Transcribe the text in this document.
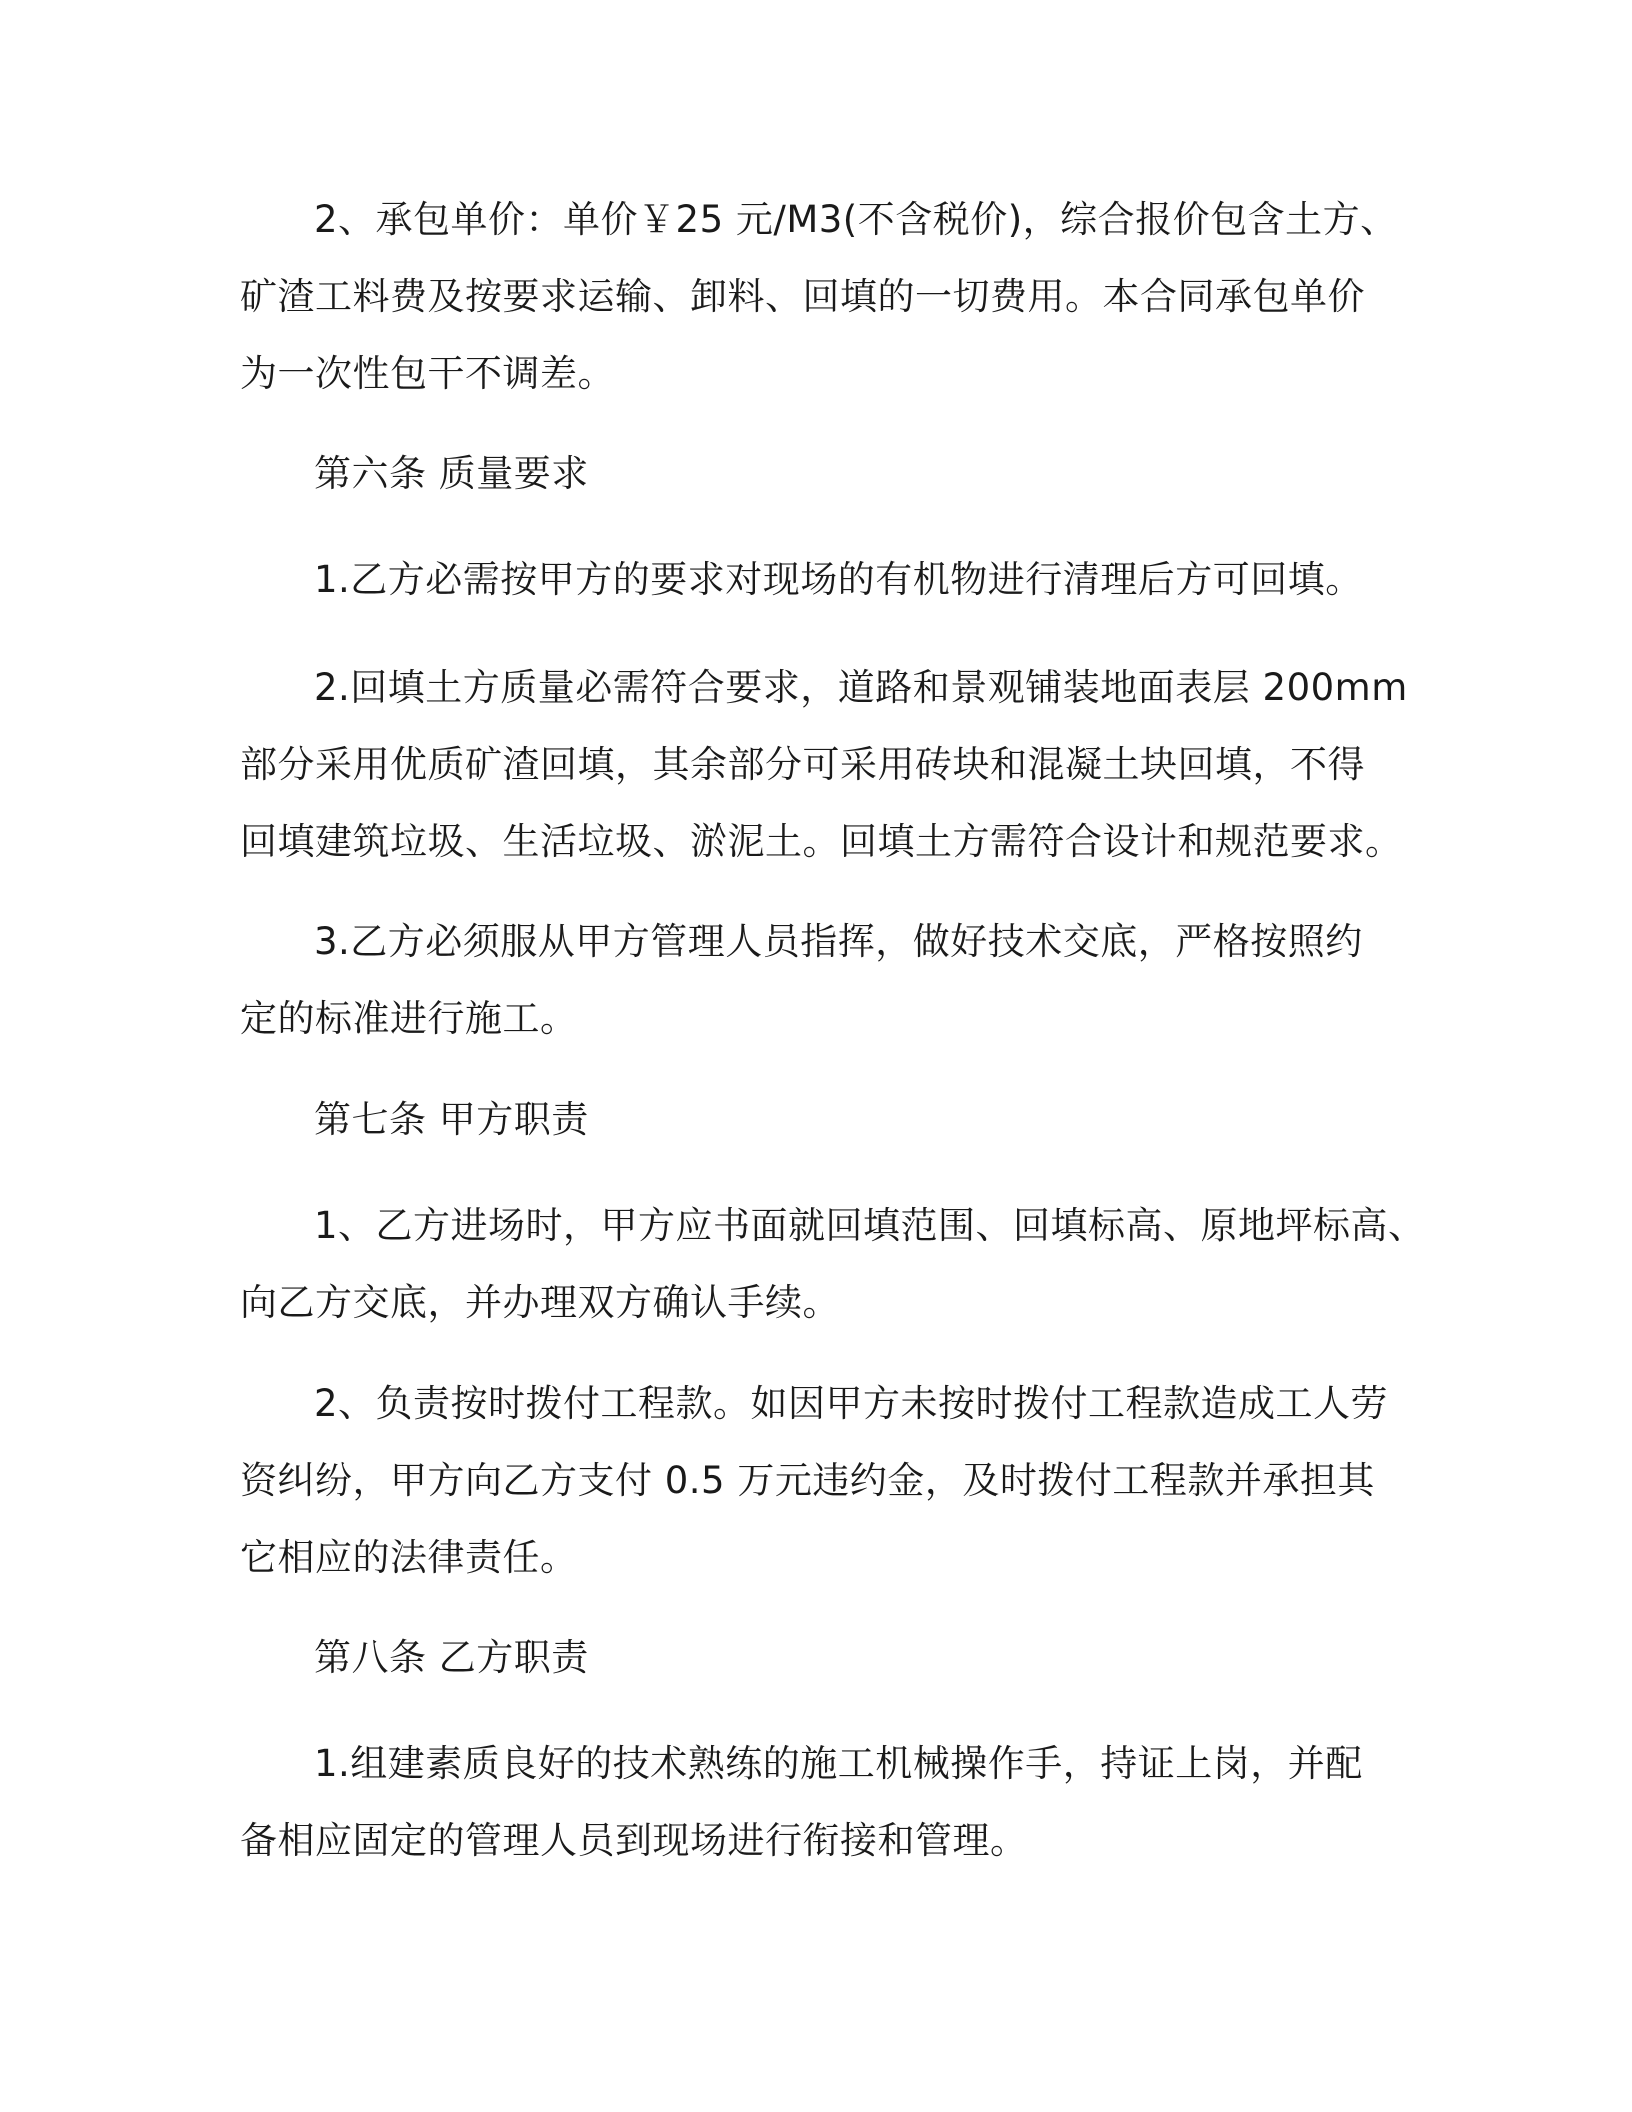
2、承包单价：单价￥25 元/M3(不含税价)，综合报价包含土方、
矿渣工料费及按要求运输、卸料、回填的一切费用。本合同承包单价
为一次性包干不调差。
第六条 质量要求
1.乙方必需按甲方的要求对现场的有机物进行清理后方可回填。
2.回填土方质量必需符合要求，道路和景观铺装地面表层 200mm
部分采用优质矿渣回填，其余部分可采用砖块和混凝土块回填，不得
回填建筑垃圾、生活垃圾、淤泥土。回填土方需符合设计和规范要求。
3.乙方必须服从甲方管理人员指挥，做好技术交底，严格按照约
定的标准进行施工。
第七条 甲方职责
1、乙方进场时，甲方应书面就回填范围、回填标高、原地坪标高、
向乙方交底，并办理双方确认手续。
2、负责按时拨付工程款。如因甲方未按时拨付工程款造成工人劳
资纠纷，甲方向乙方支付 0.5 万元违约金，及时拨付工程款并承担其
它相应的法律责任。
第八条 乙方职责
1.组建素质良好的技术熟练的施工机械操作手，持证上岗，并配
备相应固定的管理人员到现场进行衔接和管理。
